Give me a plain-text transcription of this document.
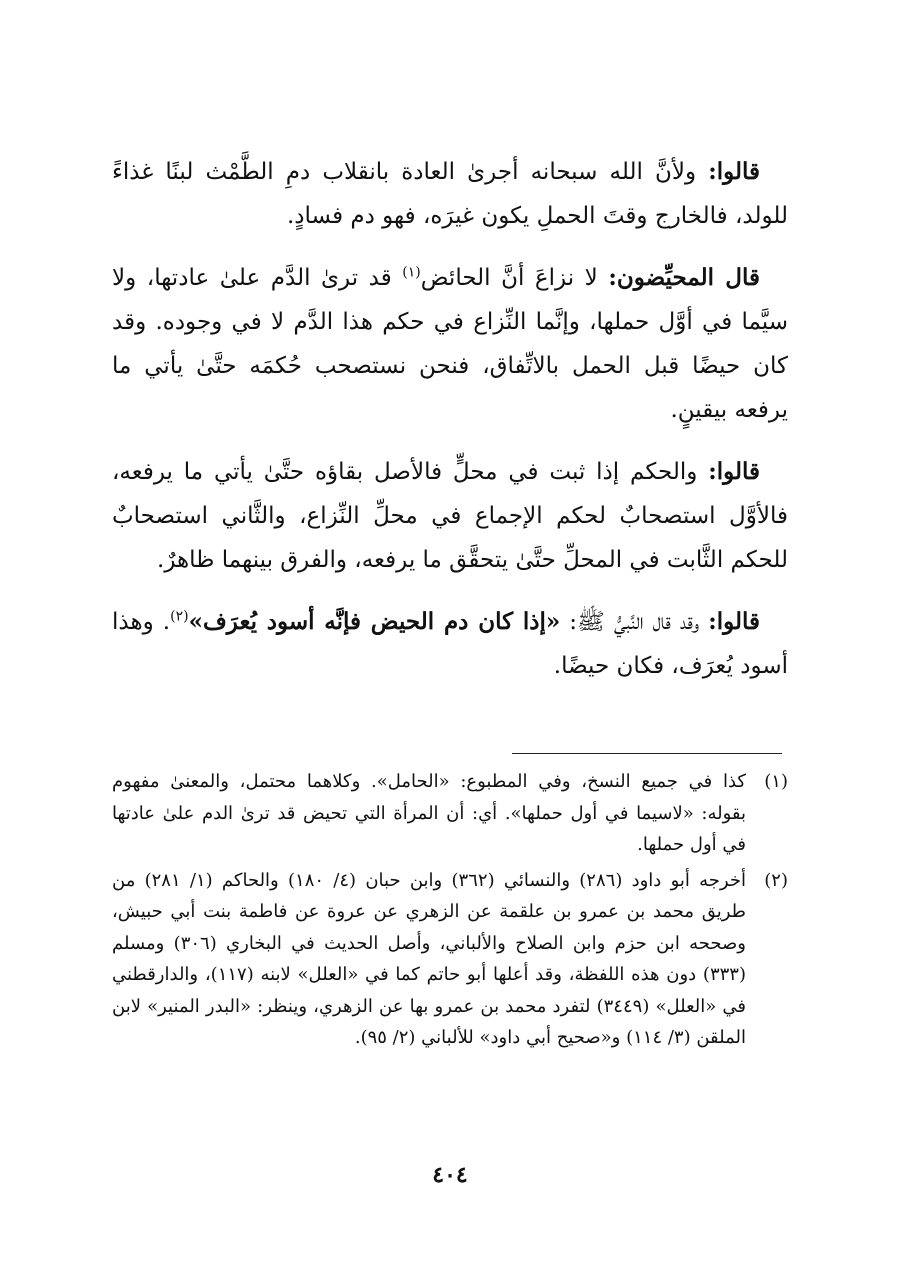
قالوا: ولأنَّ الله سبحانه أجرىٰ العادة بانقلاب دمِ الطَّمْث لبنًا غذاءً للولد، فالخارج وقتَ الحملِ يكون غيرَه، فهو دم فسادٍ.

قال المحيِّضون: لا نزاعَ أنَّ الحائض$^{(١)}$ قد ترىٰ الدَّم علىٰ عادتها، ولا سيَّما في أوَّل حملها، وإنَّما النِّزاع في حكم هذا الدَّم لا في وجوده. وقد كان حيضًا قبل الحمل بالاتِّفاق، فنحن نستصحب حُكمَه حتَّىٰ يأتي ما يرفعه بيقينٍ.

قالوا: والحكم إذا ثبت في محلٍّ فالأصل بقاؤه حتَّىٰ يأتي ما يرفعه، فالأوَّل استصحابٌ لحكم الإجماع في محلِّ النِّزاع، والثَّاني استصحابٌ للحكم الثَّابت في المحلِّ حتَّىٰ يتحقَّق ما يرفعه، والفرق بينهما ظاهرٌ.

قالوا: وقد قال النَّبيُّ ﷺ: «إذا كان دم الحيض فإنَّه أسود يُعرَف»$^{(٢)}$. وهذا أسود يُعرَف، فكان حيضًا.

(١)
كذا في جميع النسخ، وفي المطبوع: «الحامل». وكلاهما محتمل، والمعنىٰ مفهوم بقوله: «لاسيما في أول حملها». أي: أن المرأة التي تحيض قد ترىٰ الدم علىٰ عادتها في أول حملها.
(٢)
أخرجه أبو داود (٢٨٦) والنسائي (٣٦٢) وابن حبان (٤/ ١٨٠) والحاكم (١/ ٢٨١) من طريق محمد بن عمرو بن علقمة عن الزهري عن عروة عن فاطمة بنت أبي حبيش، وصححه ابن حزم وابن الصلاح والألباني، وأصل الحديث في البخاري (٣٠٦) ومسلم (٣٣٣) دون هذه اللفظة، وقد أعلها أبو حاتم كما في «العلل» لابنه (١١٧)، والدارقطني في «العلل» (٣٤٤٩) لتفرد محمد بن عمرو بها عن الزهري، وينظر: «البدر المنير» لابن الملقن (٣/ ١١٤) و«صحيح أبي داود» للألباني (٢/ ٩٥).
٤٠٤
